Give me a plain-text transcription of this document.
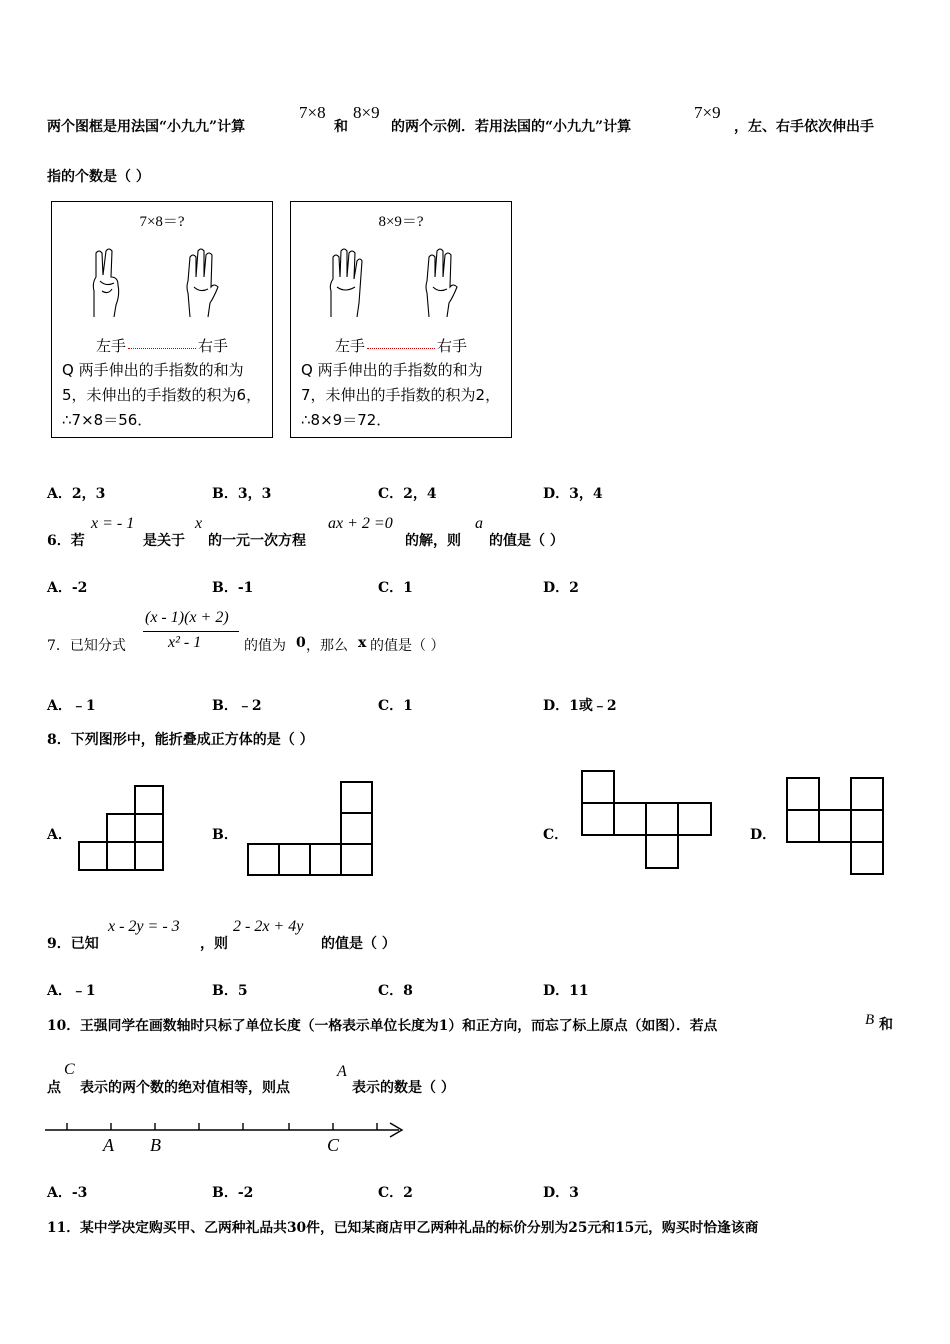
两个图框是用法国“小九九”计算
7×8
和
8×9
的两个示例．若用法国的“小九九”计算
7×9
，左、右手依次伸出手
指的个数是（ ）
7×8＝?
左手	右手
Q 两手伸出的手指数的和为5，未伸出的手指数的积为6，∴7×8＝56．
8×9＝?
左手	右手
Q 两手伸出的手指数的和为7，未伸出的手指数的积为2，∴8×9＝72．
A．2，3	B．3，3	C．2，4	D．3，4
6．若
x = - 1
是关于
x
的一元一次方程
ax + 2 =0
的解，则
a
的值是（ ）
A．-2	B．-1	C．1	D．2
7．已知分式
(x - 1)(x + 2)
x² - 1	的值为 0 ，那么 x 的值是（ ）
A．﹣1	B．﹣2	C．1	D．1或﹣2
8．下列图形中，能折叠成正方体的是（ ）
A．	B．	C．	D．
9．已知
x - 2y = - 3
，则
2 - 2x + 4y
的值是（ ）
A．﹣1	B．5	C．8	D．11
10．王强同学在画数轴时只标了单位长度（一格表示单位长度为1）和正方向，而忘了标上原点（如图）．若点	B 和
点
C
表示的两个数的绝对值相等，则点
A
表示的数是（ ）
A B	C
A．-3	B．-2	C．2	D．3
11．某中学决定购买甲、乙两种礼品共30件，已知某商店甲乙两种礼品的标价分别为25元和15元，购买时恰逢该商
